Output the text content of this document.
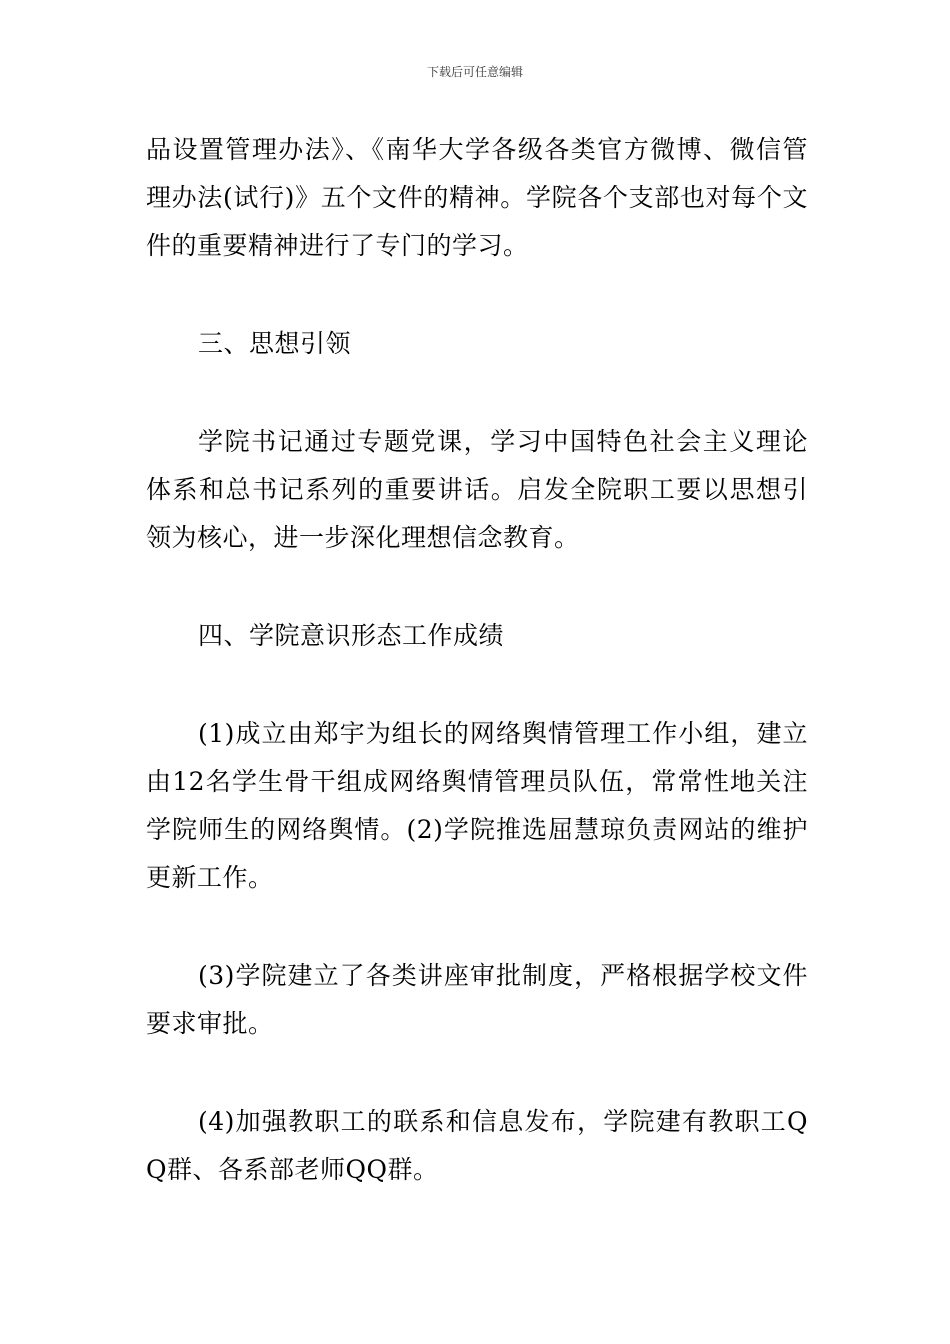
下载后可任意编辑

品设置管理办法》、《南华大学各级各类官方微博、微信管理办法(试行)》五个文件的精神。学院各个支部也对每个文件的重要精神进行了专门的学习。

三、思想引领

学院书记通过专题党课，学习中国特色社会主义理论体系和总书记系列的重要讲话。启发全院职工要以思想引领为核心，进一步深化理想信念教育。

四、学院意识形态工作成绩

(1)成立由郑宇为组长的网络舆情管理工作小组，建立由12名学生骨干组成网络舆情管理员队伍，常常性地关注学院师生的网络舆情。(2)学院推选屈慧琼负责网站的维护更新工作。

(3)学院建立了各类讲座审批制度，严格根据学校文件要求审批。

(4)加强教职工的联系和信息发布，学院建有教职工QQ群、各系部老师QQ群。
